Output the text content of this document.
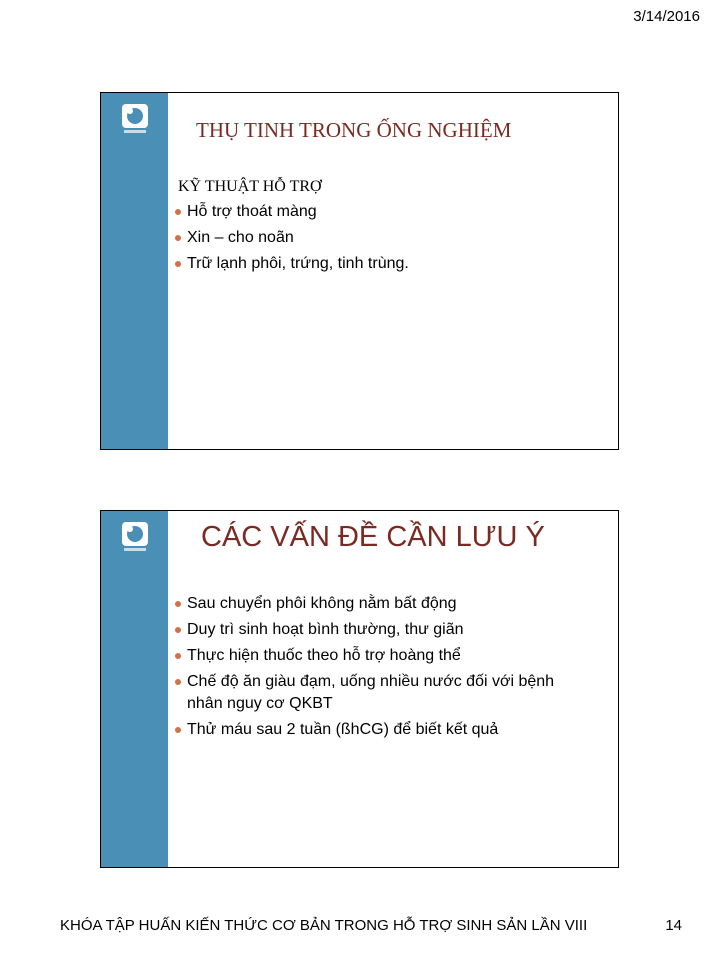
3/14/2016
THỤ TINH TRONG ỐNG NGHIỆM
KỸ THUẬT HỖ TRỢ
Hỗ trợ thoát màng
Xin – cho noãn
Trữ lạnh phôi, trứng, tinh trùng.
CÁC VẤN ĐỀ CẦN LƯU Ý
Sau chuyển phôi không nằm bất động
Duy trì sinh hoạt bình thường, thư giãn
Thực hiện thuốc theo hỗ trợ hoàng thể
Chế độ ăn giàu đạm, uống nhiều nước đối với bệnh nhân nguy cơ QKBT
Thử máu sau 2 tuần (ßhCG) để biết kết quả
KHÓA TẬP HUẤN KIẾN THỨC CƠ BẢN TRONG HỖ TRỢ SINH SẢN LẦN VIII	14
